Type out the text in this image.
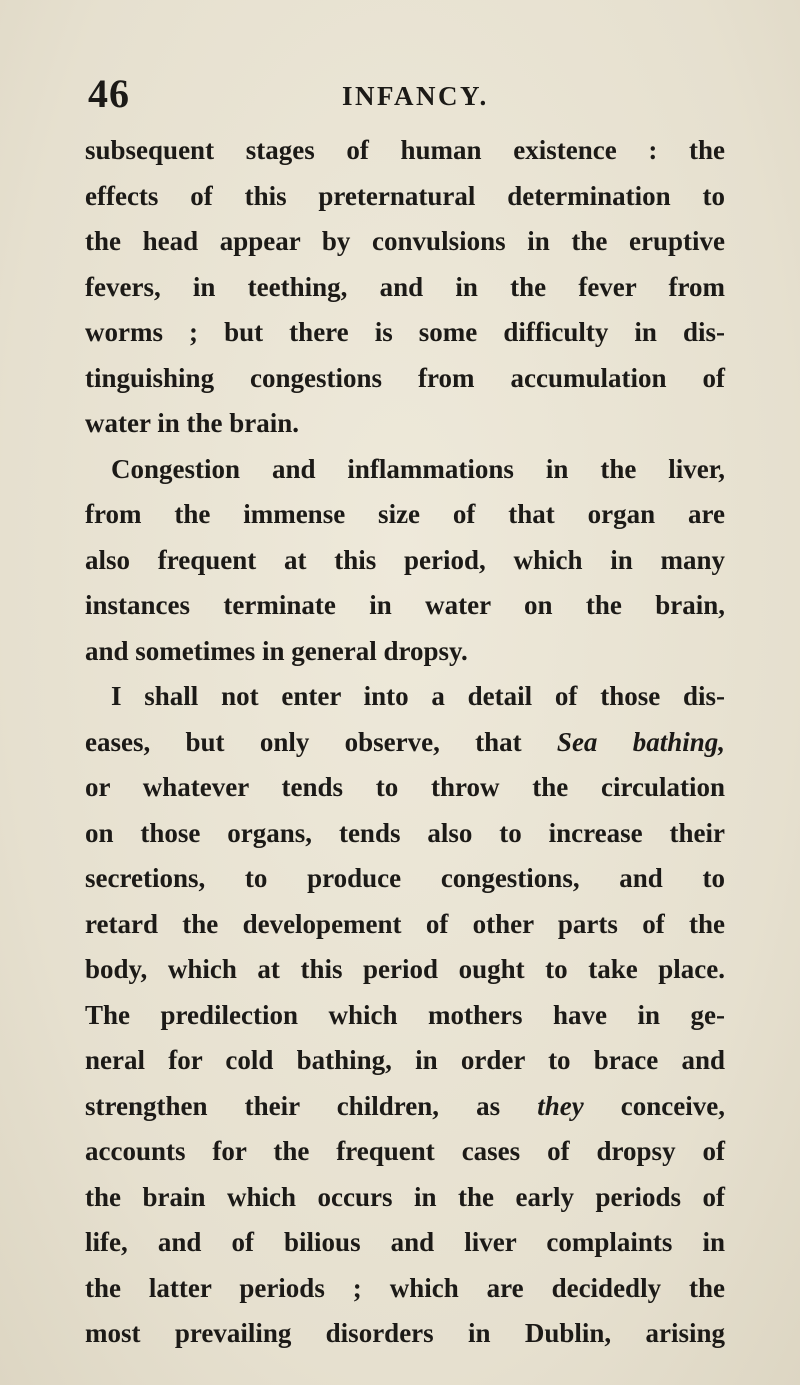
46	INFANCY.
subsequent stages of human existence : the
effects of this preternatural determination to
the head appear by convulsions in the eruptive
fevers, in teething, and in the fever from
worms ; but there is some difficulty in dis-
tinguishing congestions from accumulation of
water in the brain.
Congestion and inflammations in the liver,
from the immense size of that organ are
also frequent at this period, which in many
instances terminate in water on the brain,
and sometimes in general dropsy.
I shall not enter into a detail of those dis-
eases, but only observe, that Sea bathing,
or whatever tends to throw the circulation
on those organs, tends also to increase their
secretions, to produce congestions, and to
retard the developement of other parts of the
body, which at this period ought to take place.
The predilection which mothers have in ge-
neral for cold bathing, in order to brace and
strengthen their children, as they conceive,
accounts for the frequent cases of dropsy of
the brain which occurs in the early periods of
life, and of bilious and liver complaints in
the latter periods ; which are decidedly the
most prevailing disorders in Dublin, arising
